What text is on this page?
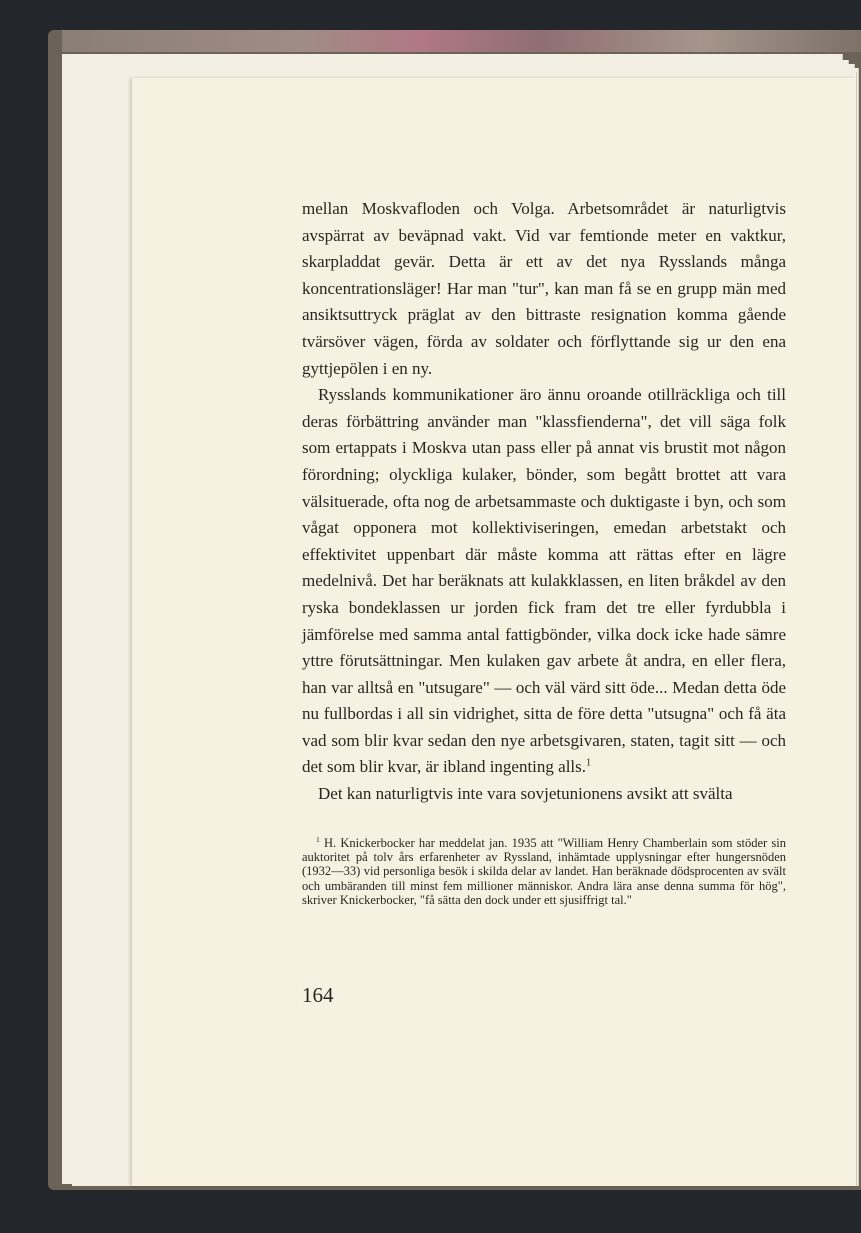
mellan Moskvafloden och Volga. Arbetsområdet är naturligtvis avspärrat av beväpnad vakt. Vid var femtionde meter en vaktkur, skarpladdat gevär. Detta är ett av det nya Rysslands många koncentrationsläger! Har man "tur", kan man få se en grupp män med ansiktsuttryck präglat av den bittraste resignation komma gående tvärsöver vägen, förda av soldater och förflyttande sig ur den ena gyttjepölen i en ny.

Rysslands kommunikationer äro ännu oroande otillräckliga och till deras förbättring använder man "klassfienderna", det vill säga folk som ertappats i Moskva utan pass eller på annat vis brustit mot någon förordning; olyckliga kulaker, bönder, som begått brottet att vara välsituerade, ofta nog de arbetsammaste och duktigaste i byn, och som vågat opponera mot kollektiviseringen, emedan arbetstakt och effektivitet uppenbart där måste komma att rättas efter en lägre medelnivå. Det har beräknats att kulakklassen, en liten bråkdel av den ryska bondeklassen ur jorden fick fram det tre eller fyrdubbla i jämförelse med samma antal fattigbönder, vilka dock icke hade sämre yttre förutsättningar. Men kulaken gav arbete åt andra, en eller flera, han var alltså en "utsugare" — och väl värd sitt öde... Medan detta öde nu fullbordas i all sin vidrighet, sitta de före detta "utsugna" och få äta vad som blir kvar sedan den nye arbetsgivaren, staten, tagit sitt — och det som blir kvar, är ibland ingenting alls.$^1$

Det kan naturligtvis inte vara sovjetunionens avsikt att svälta

$^1$ H. Knickerbocker har meddelat jan. 1935 att "William Henry Chamberlain som stöder sin auktoritet på tolv års erfarenheter av Ryssland, inhämtade upplysningar efter hungersnöden (1932—33) vid personliga besök i skilda delar av landet. Han beräknade dödsprocenten av svält och umbäranden till minst fem millioner människor. Andra lära anse denna summa för hög", skriver Knickerbocker, "få sätta den dock under ett sjusiffrigt tal."
164
